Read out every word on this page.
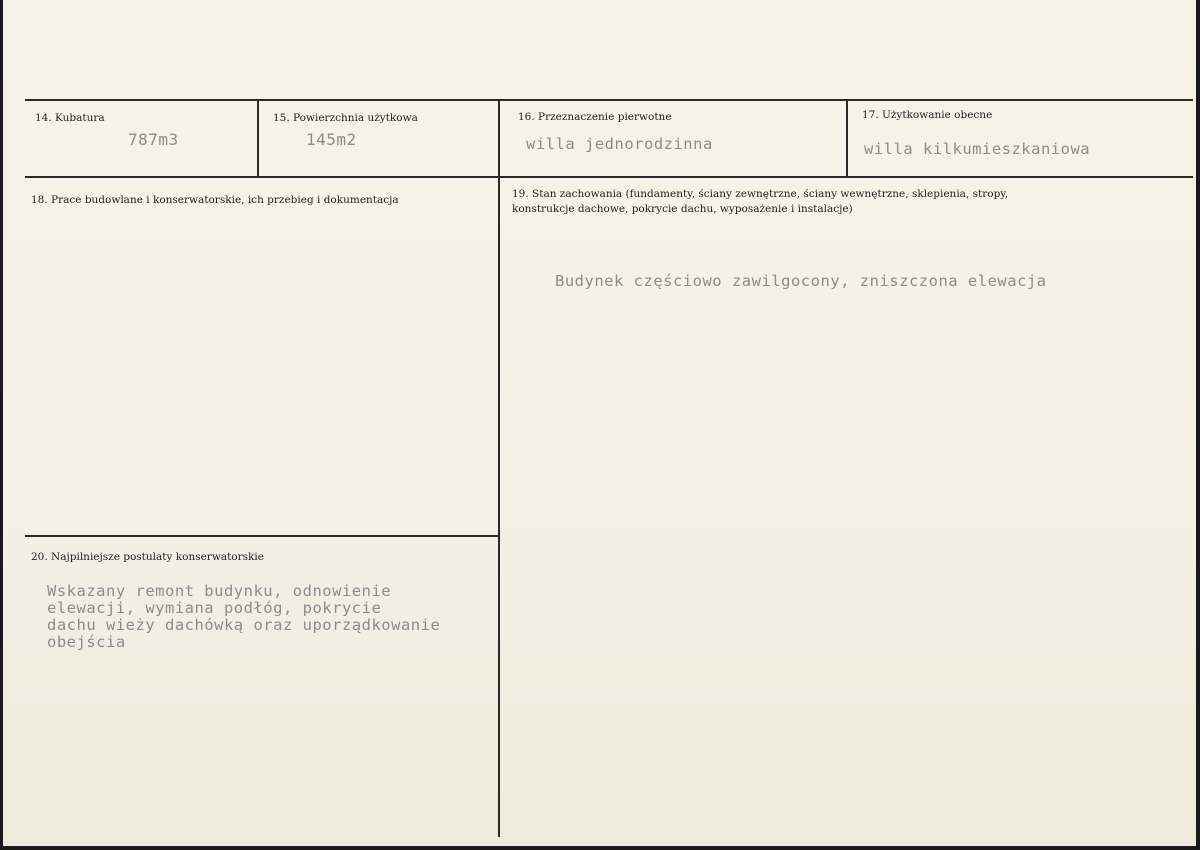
14. Kubatura
787m3
15. Powierzchnia użytkowa
145m2
16. Przeznaczenie pierwotne
willa jednorodzinna
17. Użytkowanie obecne
willa kilkumieszkaniowa
18. Prace budowlane i konserwatorskie, ich przebieg i dokumentacja	19. Stan zachowania (fundamenty, ściany zewnętrzne, ściany wewnętrzne, sklepienia, stropy,
konstrukcje dachowe, pokrycie dachu, wyposażenie i instalacje)
Budynek częściowo zawilgocony, zniszczona elewacja
20. Najpilniejsze postulaty konserwatorskie
Wskazany remont budynku, odnowienie
elewacji, wymiana podłóg, pokrycie
dachu wieży dachówką oraz uporządkowanie
obejścia
